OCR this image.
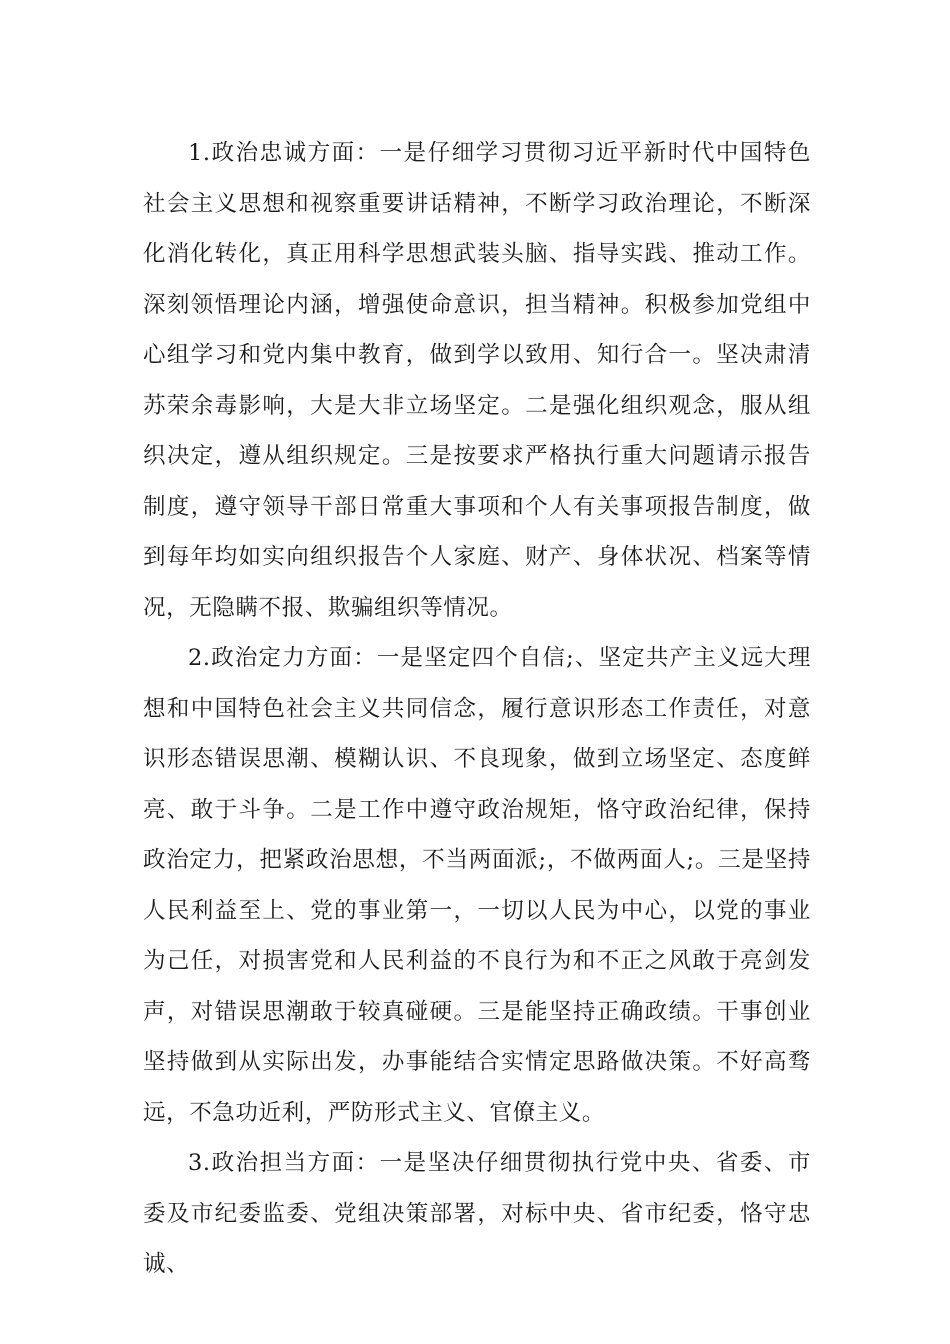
1.政治忠诚方面：一是仔细学习贯彻习近平新时代中国特色社会主义思想和视察重要讲话精神，不断学习政治理论，不断深化消化转化，真正用科学思想武装头脑、指导实践、推动工作。深刻领悟理论内涵，增强使命意识，担当精神。积极参加党组中心组学习和党内集中教育，做到学以致用、知行合一。坚决肃清苏荣余毒影响，大是大非立场坚定。二是强化组织观念，服从组织决定，遵从组织规定。三是按要求严格执行重大问题请示报告制度，遵守领导干部日常重大事项和个人有关事项报告制度，做到每年均如实向组织报告个人家庭、财产、身体状况、档案等情况，无隐瞒不报、欺骗组织等情况。

2.政治定力方面：一是坚定四个自信;、坚定共产主义远大理想和中国特色社会主义共同信念，履行意识形态工作责任，对意识形态错误思潮、模糊认识、不良现象，做到立场坚定、态度鲜亮、敢于斗争。二是工作中遵守政治规矩，恪守政治纪律，保持政治定力，把紧政治思想，不当两面派;，不做两面人;。三是坚持人民利益至上、党的事业第一，一切以人民为中心，以党的事业为己任，对损害党和人民利益的不良行为和不正之风敢于亮剑发声，对错误思潮敢于较真碰硬。三是能坚持正确政绩。干事创业坚持做到从实际出发，办事能结合实情定思路做决策。不好高骛远，不急功近利，严防形式主义、官僚主义。

3.政治担当方面：一是坚决仔细贯彻执行党中央、省委、市委及市纪委监委、党组决策部署，对标中央、省市纪委，恪守忠诚、
